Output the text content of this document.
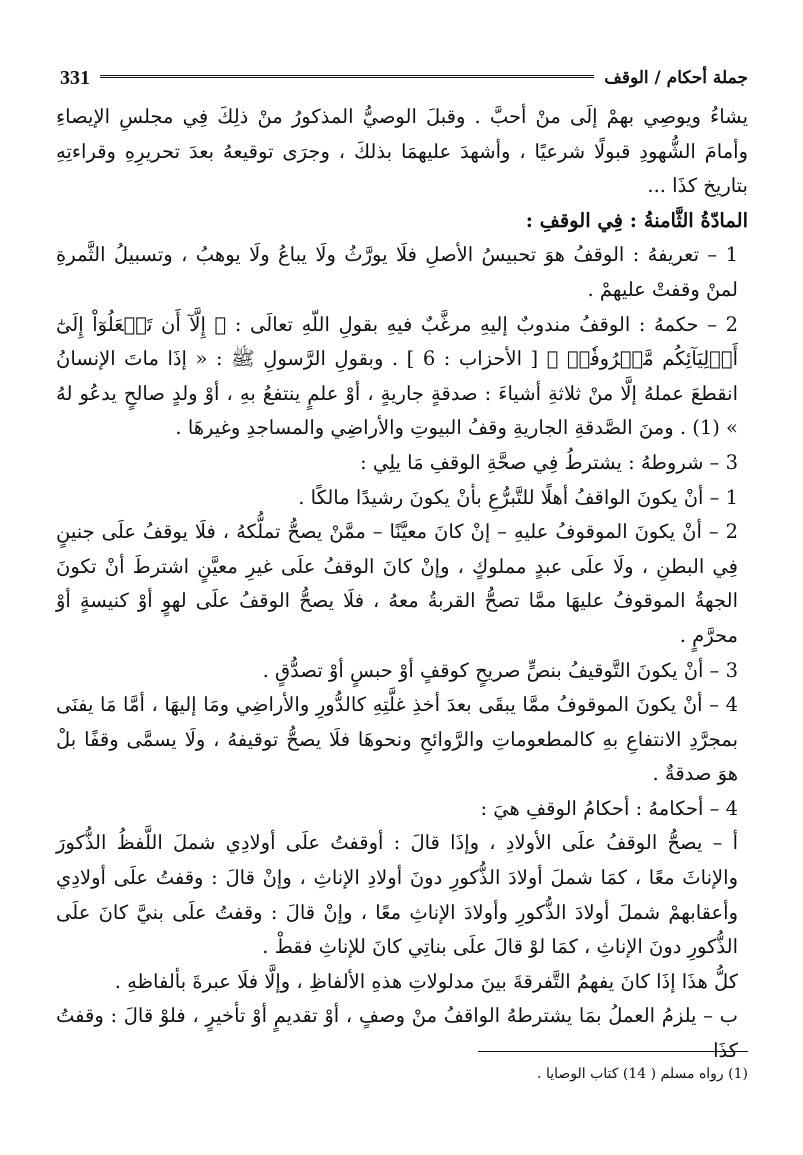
جملة أحكام / الوقف
331

يشاءُ ويوصِي بهمْ إلَى منْ أحبَّ . وقبلَ الوصيُّ المذكورُ منْ ذلِكَ فِي مجلسِ الإيصاءِ وأمامَ الشُّهودِ قبولًا شرعيًا ، وأشهدَ عليهمَا بذلكَ ، وجرَى توقيعهُ بعدَ تحريرِهِ وقراءتِهِ بتاريخ كذَا ...

المادّةُ الثَّامنةُ : فِي الوقفِ :

1 – تعريفهُ : الوقفُ هوَ تحبيسُ الأصلِ فلَا يورَّثُ ولَا يباعُ ولَا يوهبُ ، وتسبيلُ الثَّمرةِ لمنْ وقفتْ عليهمْ .

2 – حكمهُ : الوقفُ مندوبٌ إليهِ مرغَّبٌ فيهِ بقولِ اللّهِ تعالَى : ﴿ إِلَّآ أَن تَفۡعَلُوٓاْ إِلَىٰٓ أَوۡلِيَآئِكُم مَّعۡرُوفٗاۚ ﴾ [ الأحزاب : 6 ] . وبقولِ الرَّسولِ ﷺ : « إذَا ماتَ الإنسانُ انقطعَ عملهُ إلَّا منْ ثلاثةِ أشياءَ : صدقةٍ جاريةٍ ، أوْ علمٍ ينتفعُ بهِ ، أوْ ولدٍ صالحٍ يدعُو لهُ » (1) . ومنَ الصَّدقةِ الجاريةِ وقفُ البيوتِ والأراضِي والمساجدِ وغيرهَا .

3 – شروطهُ : يشترطُ فِي صحَّةِ الوقفِ مَا يلِي :

1 – أنْ يكونَ الواقفُ أهلًا للتَّبرُّعِ بأنْ يكونَ رشيدًا مالكًا .

2 – أنْ يكونَ الموقوفُ عليهِ – إنْ كانَ معيَّنًا – ممَّنْ يصحُّ تملُّكهُ ، فلَا يوقفُ علَى جنينٍ فِي البطنِ ، ولَا علَى عبدٍ مملوكٍ ، وإنْ كانَ الوقفُ علَى غيرِ معيَّنٍ اشترطَ أنْ تكونَ الجهةُ الموقوفُ عليهَا ممَّا تصحُّ القربةُ معهُ ، فلَا يصحُّ الوقفُ علَى لهوٍ أوْ كنيسةٍ أوْ محرَّمٍ .

3 – أنْ يكونَ التَّوقيفُ بنصٍّ صريحٍ كوقفٍ أوْ حبسٍ أوْ تصدُّقٍ .

4 – أنْ يكونَ الموقوفُ ممَّا يبقَى بعدَ أخذِ غلَّتِهِ كالدُّورِ والأراضِي ومَا إليهَا ، أمَّا مَا يفنَى بمجرَّدِ الانتفاعِ بهِ كالمطعوماتِ والرَّوائحِ ونحوهَا فلَا يصحُّ توقيفهُ ، ولَا يسمَّى وقفًا بلْ هوَ صدقةٌ .

4 – أحكامهُ : أحكامُ الوقفِ هيَ :

أ – يصحُّ الوقفُ علَى الأولادِ ، وإذَا قالَ : أوقفتُ علَى أولادِي شملَ اللَّفظُ الذُّكورَ والإناثَ معًا ، كمَا شملَ أولادَ الذُّكورِ دونَ أولادِ الإناثِ ، وإنْ قالَ : وقفتُ علَى أولادِي وأعقابهمْ شملَ أولادَ الذُّكورِ وأولادَ الإناثِ معًا ، وإنْ قالَ : وقفتُ علَى بنيَّ كانَ علَى الذُّكورِ دونَ الإناثِ ، كمَا لوْ قالَ علَى بناتِي كانَ للإناثِ فقطْ .

كلُّ هذَا إذَا كانَ يفهمُ التَّفرقةَ بينَ مدلولاتِ هذهِ الألفاظِ ، وإلَّا فلَا عبرةَ بألفاظهِ .

ب – يلزمُ العملُ بمَا يشترطهُ الواقفُ منْ وصفٍ ، أوْ تقديمٍ أوْ تأخيرٍ ، فلوْ قالَ : وقفتُ كذَا

(1) رواه مسلم ( 14) كتاب الوصايا .
